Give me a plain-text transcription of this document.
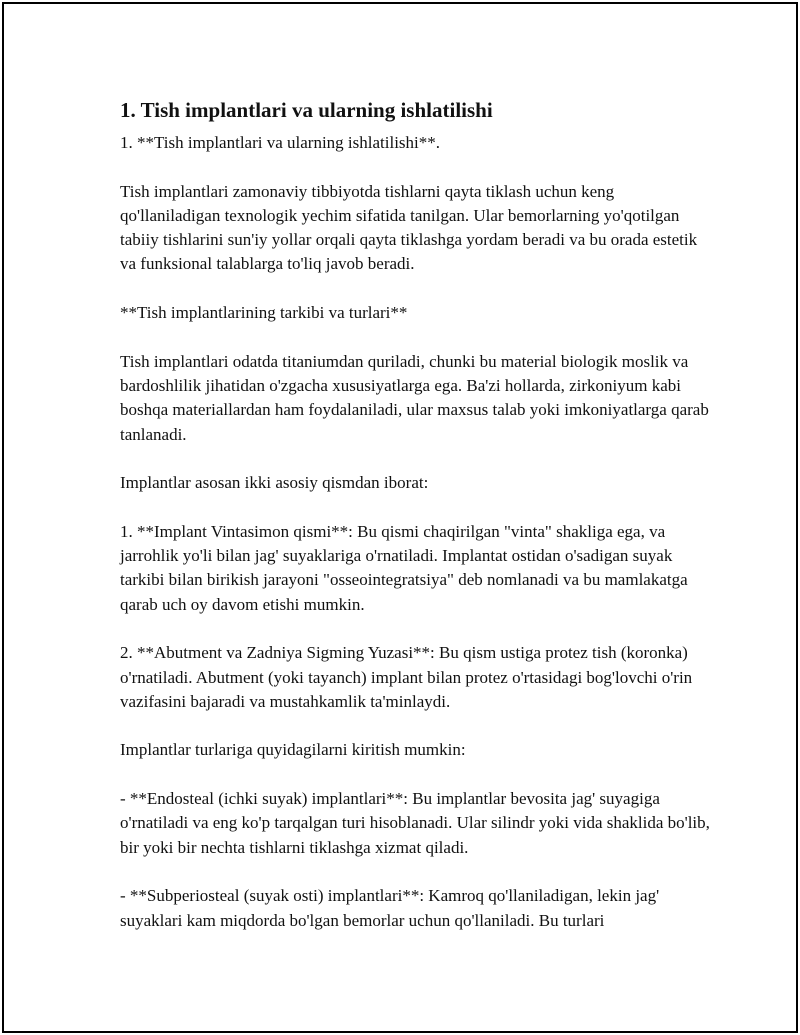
1. Tish implantlari va ularning ishlatilishi

1. **Tish implantlari va ularning ishlatilishi**.

Tish implantlari zamonaviy tibbiyotda tishlarni qayta tiklash uchun keng qo'llaniladigan texnologik yechim sifatida tanilgan. Ular bemorlarning yo'qotilgan tabiiy tishlarini sun'iy yollar orqali qayta tiklashga yordam beradi va bu orada estetik va funksional talablarga to'liq javob beradi.

**Tish implantlarining tarkibi va turlari**

Tish implantlari odatda titaniumdan quriladi, chunki bu material biologik moslik va bardoshlilik jihatidan o'zgacha xususiyatlarga ega. Ba'zi hollarda, zirkoniyum kabi boshqa materiallardan ham foydalaniladi, ular maxsus talab yoki imkoniyatlarga qarab tanlanadi.

Implantlar asosan ikki asosiy qismdan iborat:

1. **Implant Vintasimon qismi**: Bu qismi chaqirilgan "vinta" shakliga ega, va jarrohlik yo'li bilan jag' suyaklariga o'rnatiladi. Implantat ostidan o'sadigan suyak tarkibi bilan birikish jarayoni "osseointegratsiya" deb nomlanadi va bu mamlakatga qarab uch oy davom etishi mumkin.

2. **Abutment va Zadniya Sigming Yuzasi**: Bu qism ustiga protez tish (koronka) o'rnatiladi. Abutment (yoki tayanch) implant bilan protez o'rtasidagi bog'lovchi o'rin vazifasini bajaradi va mustahkamlik ta'minlaydi.

Implantlar turlariga quyidagilarni kiritish mumkin:

- **Endosteal (ichki suyak) implantlari**: Bu implantlar bevosita jag' suyagiga o'rnatiladi va eng ko'p tarqalgan turi hisoblanadi. Ular silindr yoki vida shaklida bo'lib, bir yoki bir nechta tishlarni tiklashga xizmat qiladi.

- **Subperiosteal (suyak osti) implantlari**: Kamroq qo'llaniladigan, lekin jag' suyaklari kam miqdorda bo'lgan bemorlar uchun qo'llaniladi. Bu turlari
